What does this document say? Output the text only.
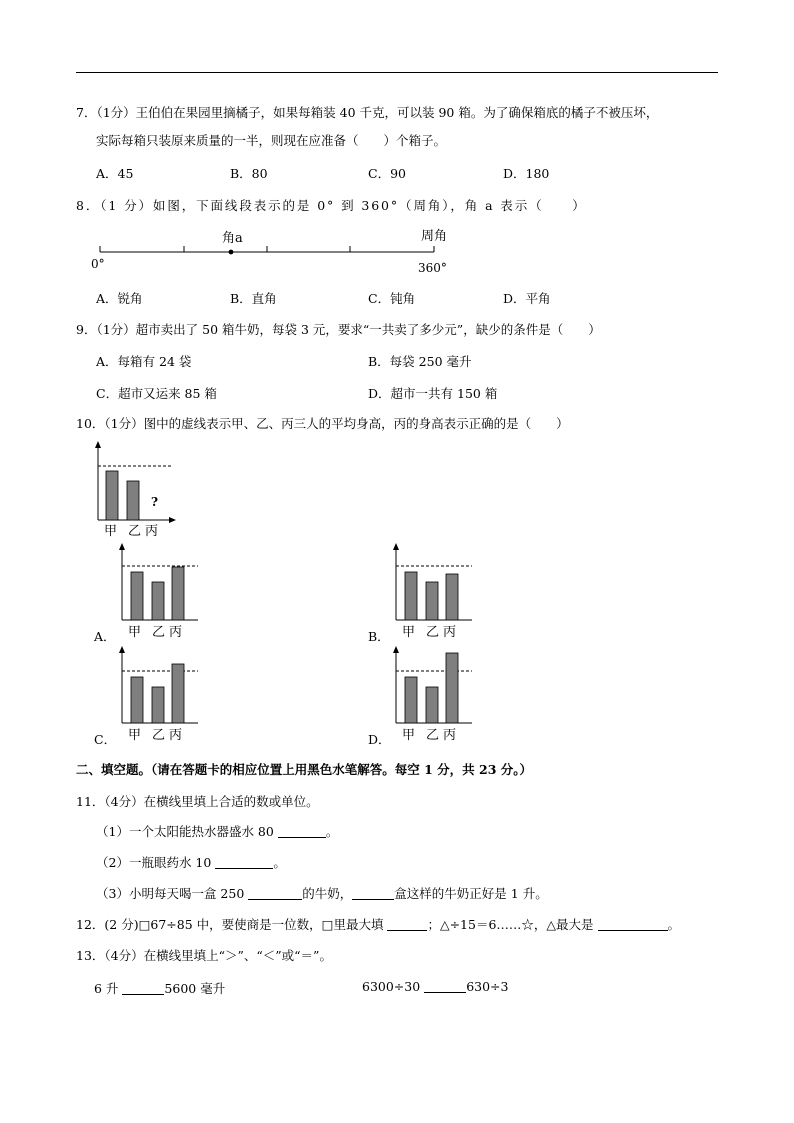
7．（1分）王伯伯在果园里摘橘子，如果每箱装 40 千克，可以装 90 箱。为了确保箱底的橘子不被压坏，
实际每箱只装原来质量的一半，则现在应准备（　　）个箱子。
A．45	B．80	C．90	D．180
8．（1 分）如图，下面线段表示的是 0° 到 360°（周角），角 a 表示（　　）
角a	周角
0°	360°
A．锐角	B．直角	C．钝角	D．平角
9．（1分）超市卖出了 50 箱牛奶，每袋 3 元，要求“一共卖了多少元”，缺少的条件是（　　）
A．每箱有 24 袋	B．每袋 250 毫升
C．超市又运来 85 箱	D．超市一共有 150 箱
10．（1分）图中的虚线表示甲、乙、丙三人的平均身高，丙的身高表示正确的是（　　）
?
甲 乙 丙
A． 甲 乙 丙	B． 甲 乙 丙
C． 甲 乙 丙	D． 甲 乙 丙
二、填空题。（请在答题卡的相应位置上用黑色水笔解答。每空 1 分，共 23 分。）
11．（4分）在横线里填上合适的数或单位。
（1）一个太阳能热水器盛水 80	。
（2）一瓶眼药水 10	。
（3）小明每天喝一盒 250	的牛奶，	盒这样的牛奶正好是 1 升。
12．(2 分)□67÷85 中，要使商是一位数，□里最大填	；△÷15＝6……☆，△最大是	。
13．（4分）在横线里填上“＞”、“＜”或“＝”。
6 升	5600 毫升	6300÷30	630÷3
